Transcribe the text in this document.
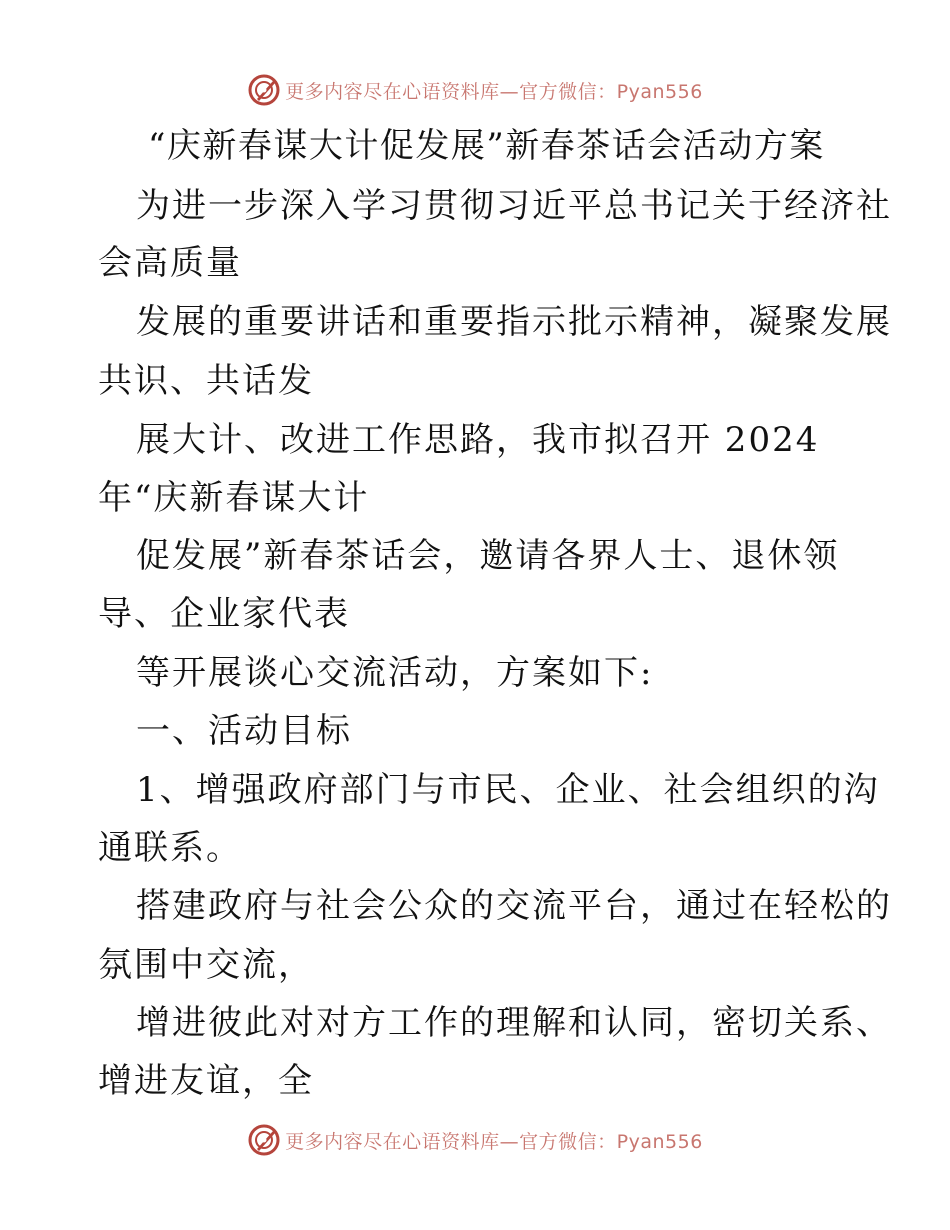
更多内容尽在心语资料库—官方微信：Pyan556
“庆新春谋大计促发展”新春茶话会活动方案
为进一步深入学习贯彻习近平总书记关于经济社
会高质量
发展的重要讲话和重要指示批示精神，凝聚发展
共识、共话发
展大计、改进工作思路，我市拟召开 2024
年“庆新春谋大计
促发展”新春茶话会，邀请各界人士、退休领
导、企业家代表
等开展谈心交流活动，方案如下:
一、活动目标
1、增强政府部门与市民、企业、社会组织的沟
通联系。
搭建政府与社会公众的交流平台，通过在轻松的
氛围中交流，
增进彼此对对方工作的理解和认同，密切关系、
增进友谊，全
更多内容尽在心语资料库—官方微信：Pyan556
